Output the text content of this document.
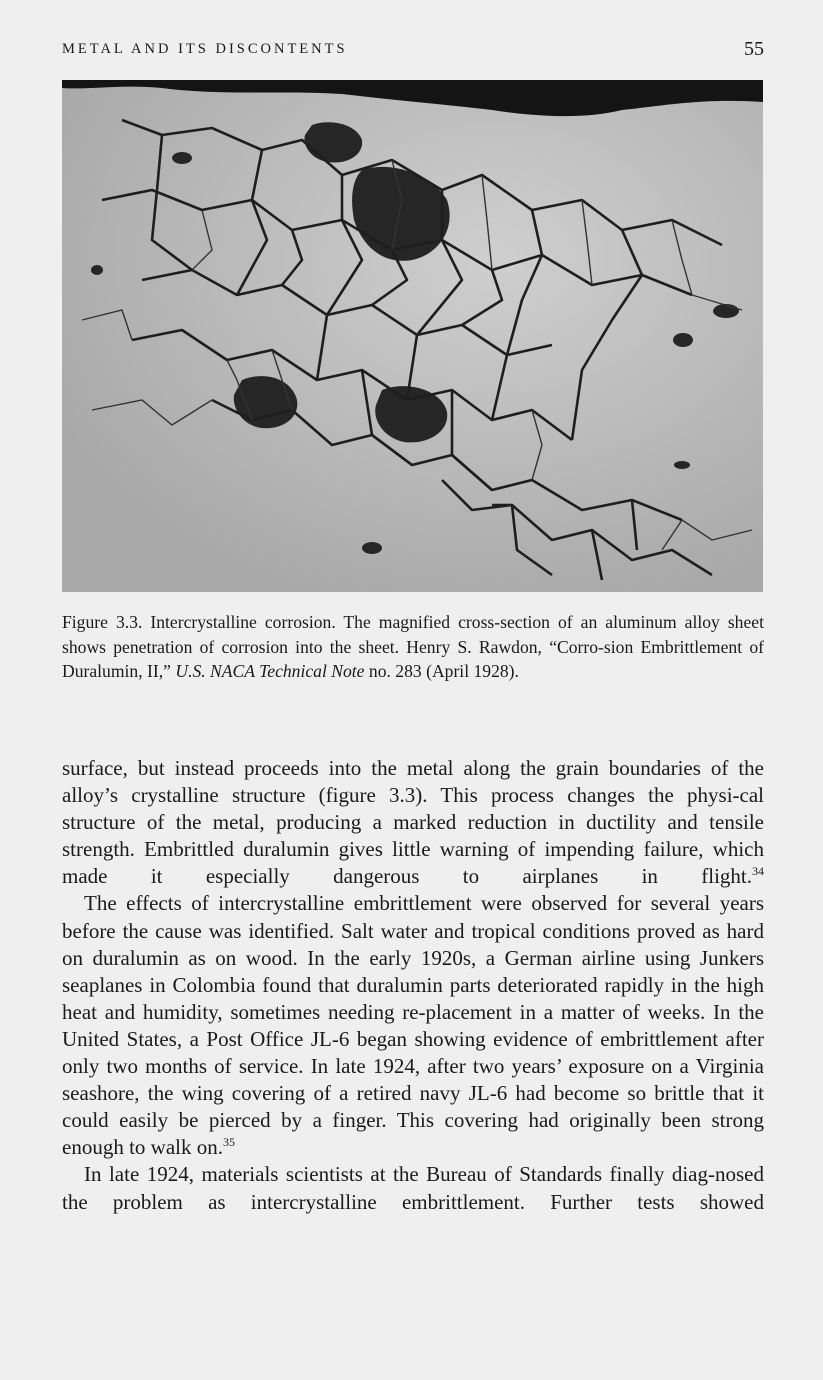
METAL AND ITS DISCONTENTS	55
Figure 3.3. Intercrystalline corrosion. The magnified cross-section of an aluminum alloy sheet shows penetration of corrosion into the sheet. Henry S. Rawdon, “Corro-sion Embrittlement of Duralumin, II,” U.S. NACA Technical Note no. 283 (April 1928).

surface, but instead proceeds into the metal along the grain boundaries of the alloy’s crystalline structure (figure 3.3). This process changes the physi-cal structure of the metal, producing a marked reduction in ductility and tensile strength. Embrittled duralumin gives little warning of impending failure, which made it especially dangerous to airplanes in flight.$^{34}$

The effects of intercrystalline embrittlement were observed for several years before the cause was identified. Salt water and tropical conditions proved as hard on duralumin as on wood. In the early 1920s, a German airline using Junkers seaplanes in Colombia found that duralumin parts deteriorated rapidly in the high heat and humidity, sometimes needing re-placement in a matter of weeks. In the United States, a Post Office JL-6 began showing evidence of embrittlement after only two months of service. In late 1924, after two years’ exposure on a Virginia seashore, the wing covering of a retired navy JL-6 had become so brittle that it could easily be pierced by a finger. This covering had originally been strong enough to walk on.$^{35}$

In late 1924, materials scientists at the Bureau of Standards finally diag-nosed the problem as intercrystalline embrittlement. Further tests showed
